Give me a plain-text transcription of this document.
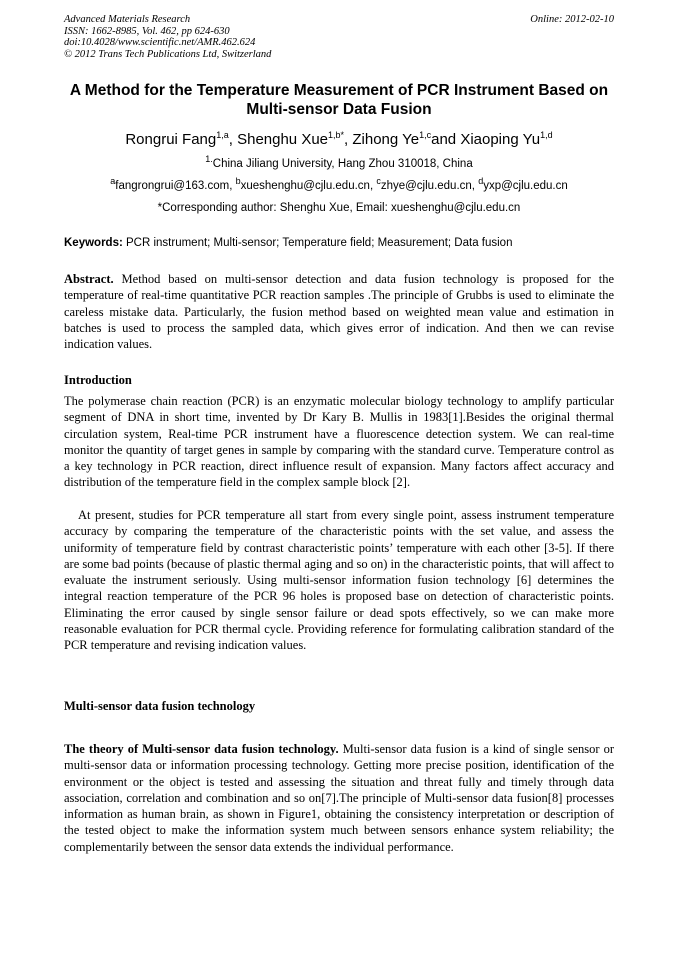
Advanced Materials Research
ISSN: 1662-8985, Vol. 462, pp 624-630
doi:10.4028/www.scientific.net/AMR.462.624
© 2012 Trans Tech Publications Ltd, Switzerland
Online: 2012-02-10
A Method for the Temperature Measurement of PCR Instrument Based on Multi-sensor Data Fusion
Rongrui Fang$^{1,a}$, Shenghu Xue$^{1,b*}$, Zihong Ye$^{1,c}$and Xiaoping Yu$^{1,d}$
$^{1.}$China Jiliang University, Hang Zhou 310018, China
$^a$fangrongrui@163.com, $^b$xueshenghu@cjlu.edu.cn, $^c$zhye@cjlu.edu.cn, $^d$yxp@cjlu.edu.cn
*Corresponding author: Shenghu Xue, Email: xueshenghu@cjlu.edu.cn
Keywords: PCR instrument; Multi-sensor; Temperature field; Measurement; Data fusion
Abstract. Method based on multi-sensor detection and data fusion technology is proposed for the temperature of real-time quantitative PCR reaction samples .The principle of Grubbs is used to eliminate the careless mistake data. Particularly, the fusion method based on weighted mean value and estimation in batches is used to process the sampled data, which gives error of indication. And then we can revise indication values.
Introduction
The polymerase chain reaction (PCR) is an enzymatic molecular biology technology to amplify particular segment of DNA in short time, invented by Dr Kary B. Mullis in 1983[1].Besides the original thermal circulation system, Real-time PCR instrument have a fluorescence detection system. We can real-time monitor the quantity of target genes in sample by comparing with the standard curve. Temperature control as a key technology in PCR reaction, direct influence result of expansion. Many factors affect accuracy and distribution of the temperature field in the complex sample block [2].
At present, studies for PCR temperature all start from every single point, assess instrument temperature accuracy by comparing the temperature of the characteristic points with the set value, and assess the uniformity of temperature field by contrast characteristic points’ temperature with each other [3-5]. If there are some bad points (because of plastic thermal aging and so on) in the characteristic points, that will affect to evaluate the instrument seriously. Using multi-sensor information fusion technology [6] determines the integral reaction temperature of the PCR 96 holes is proposed base on detection of characteristic points. Eliminating the error caused by single sensor failure or dead spots effectively, so we can make more reasonable evaluation for PCR thermal cycle. Providing reference for formulating calibration standard of the PCR temperature and revising indication values.
Multi-sensor data fusion technology
The theory of Multi-sensor data fusion technology. Multi-sensor data fusion is a kind of single sensor or multi-sensor data or information processing technology. Getting more precise position, identification of the environment or the object is tested and assessing the situation and threat fully and timely through data association, correlation and combination and so on[7].The principle of Multi-sensor data fusion[8] processes information as human brain, as shown in Figure1, obtaining the consistency interpretation or description of the tested object to make the information system much between sensors enhance system reliability; the complementarily between the sensor data extends the individual performance.
